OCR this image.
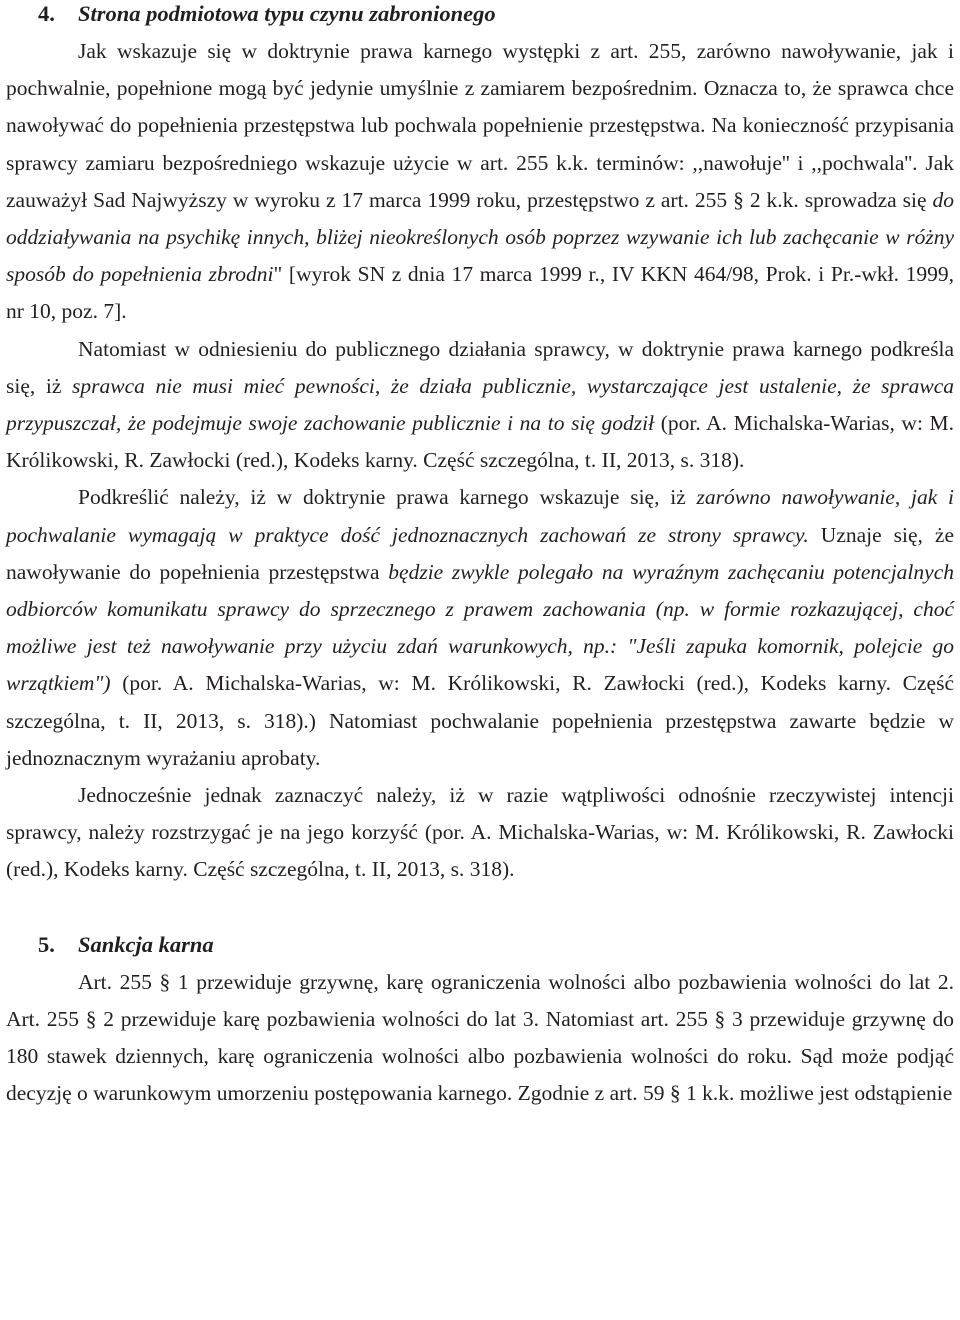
4. Strona podmiotowa typu czynu zabronionego

Jak wskazuje się w doktrynie prawa karnego występki z art. 255, zarówno nawoływanie, jak i pochwalnie, popełnione mogą być jedynie umyślnie z zamiarem bezpośrednim. Oznacza to, że sprawca chce nawoływać do popełnienia przestępstwa lub pochwala popełnienie przestępstwa. Na konieczność przypisania sprawcy zamiaru bezpośredniego wskazuje użycie w art. 255 k.k. terminów: ,,nawołuje'' i ,,pochwala''. Jak zauważył Sad Najwyższy w wyroku z 17 marca 1999 roku, przestępstwo z art. 255 § 2 k.k. sprowadza się do oddziaływania na psychikę innych, bliżej nieokreślonych osób poprzez wzywanie ich lub zachęcanie w różny sposób do popełnienia zbrodni" [wyrok SN z dnia 17 marca 1999 r., IV KKN 464/98, Prok. i Pr.-wkł. 1999, nr 10, poz. 7].

Natomiast w odniesieniu do publicznego działania sprawcy, w doktrynie prawa karnego podkreśla się, iż sprawca nie musi mieć pewności, że działa publicznie, wystarczające jest ustalenie, że sprawca przypuszczał, że podejmuje swoje zachowanie publicznie i na to się godził (por. A. Michalska-Warias, w: M. Królikowski, R. Zawłocki (red.), Kodeks karny. Część szczególna, t. II, 2013, s. 318).

Podkreślić należy, iż w doktrynie prawa karnego wskazuje się, iż zarówno nawoływanie, jak i pochwalanie wymagają w praktyce dość jednoznacznych zachowań ze strony sprawcy. Uznaje się, że nawoływanie do popełnienia przestępstwa będzie zwykle polegało na wyraźnym zachęcaniu potencjalnych odbiorców komunikatu sprawcy do sprzecznego z prawem zachowania (np. w formie rozkazującej, choć możliwe jest też nawoływanie przy użyciu zdań warunkowych, np.: "Jeśli zapuka komornik, polejcie go wrzątkiem") (por. A. Michalska-Warias, w: M. Królikowski, R. Zawłocki (red.), Kodeks karny. Część szczególna, t. II, 2013, s. 318).) Natomiast pochwalanie popełnienia przestępstwa zawarte będzie w jednoznacznym wyrażaniu aprobaty.

Jednocześnie jednak zaznaczyć należy, iż w razie wątpliwości odnośnie rzeczywistej intencji sprawcy, należy rozstrzygać je na jego korzyść (por. A. Michalska-Warias, w: M. Królikowski, R. Zawłocki (red.), Kodeks karny. Część szczególna, t. II, 2013, s. 318).

5. Sankcja karna

Art. 255 § 1 przewiduje grzywnę, karę ograniczenia wolności albo pozbawienia wolności do lat 2. Art. 255 § 2 przewiduje karę pozbawienia wolności do lat 3. Natomiast art. 255 § 3 przewiduje grzywnę do 180 stawek dziennych, karę ograniczenia wolności albo pozbawienia wolności do roku. Sąd może podjąć decyzję o warunkowym umorzeniu postępowania karnego. Zgodnie z art. 59 § 1 k.k. możliwe jest odstąpienie
